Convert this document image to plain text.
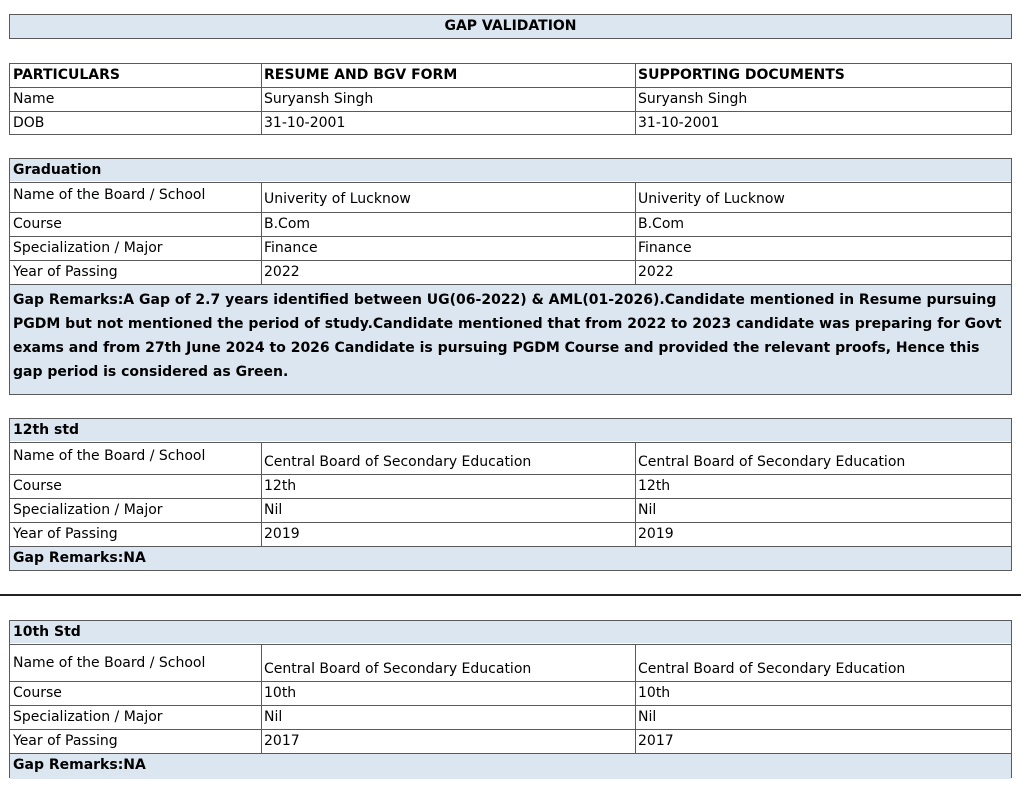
GAP VALIDATION
PARTICULARS	RESUME AND BGV FORM	SUPPORTING DOCUMENTS
Name	Suryansh Singh	Suryansh Singh
DOB	31-10-2001	31-10-2001
Graduation
Name of the Board / School	Univerity of Lucknow	Univerity of Lucknow
Course	B.Com	B.Com
Specialization / Major	Finance	Finance
Year of Passing	2022	2022
Gap Remarks:A Gap of 2.7 years identified between UG(06-2022) & AML(01-2026).Candidate mentioned in Resume pursuing PGDM but not mentioned the period of study.Candidate mentioned that from 2022 to 2023 candidate was preparing for Govt exams and from 27th June 2024 to 2026 Candidate is pursuing PGDM Course and provided the relevant proofs, Hence this gap period is considered as Green.
12th std
Name of the Board / School	Central Board of Secondary Education	Central Board of Secondary Education
Course	12th	12th
Specialization / Major	Nil	Nil
Year of Passing	2019	2019
Gap Remarks:NA
10th Std
Name of the Board / School	Central Board of Secondary Education	Central Board of Secondary Education
Course	10th	10th
Specialization / Major	Nil	Nil
Year of Passing	2017	2017
Gap Remarks:NA
